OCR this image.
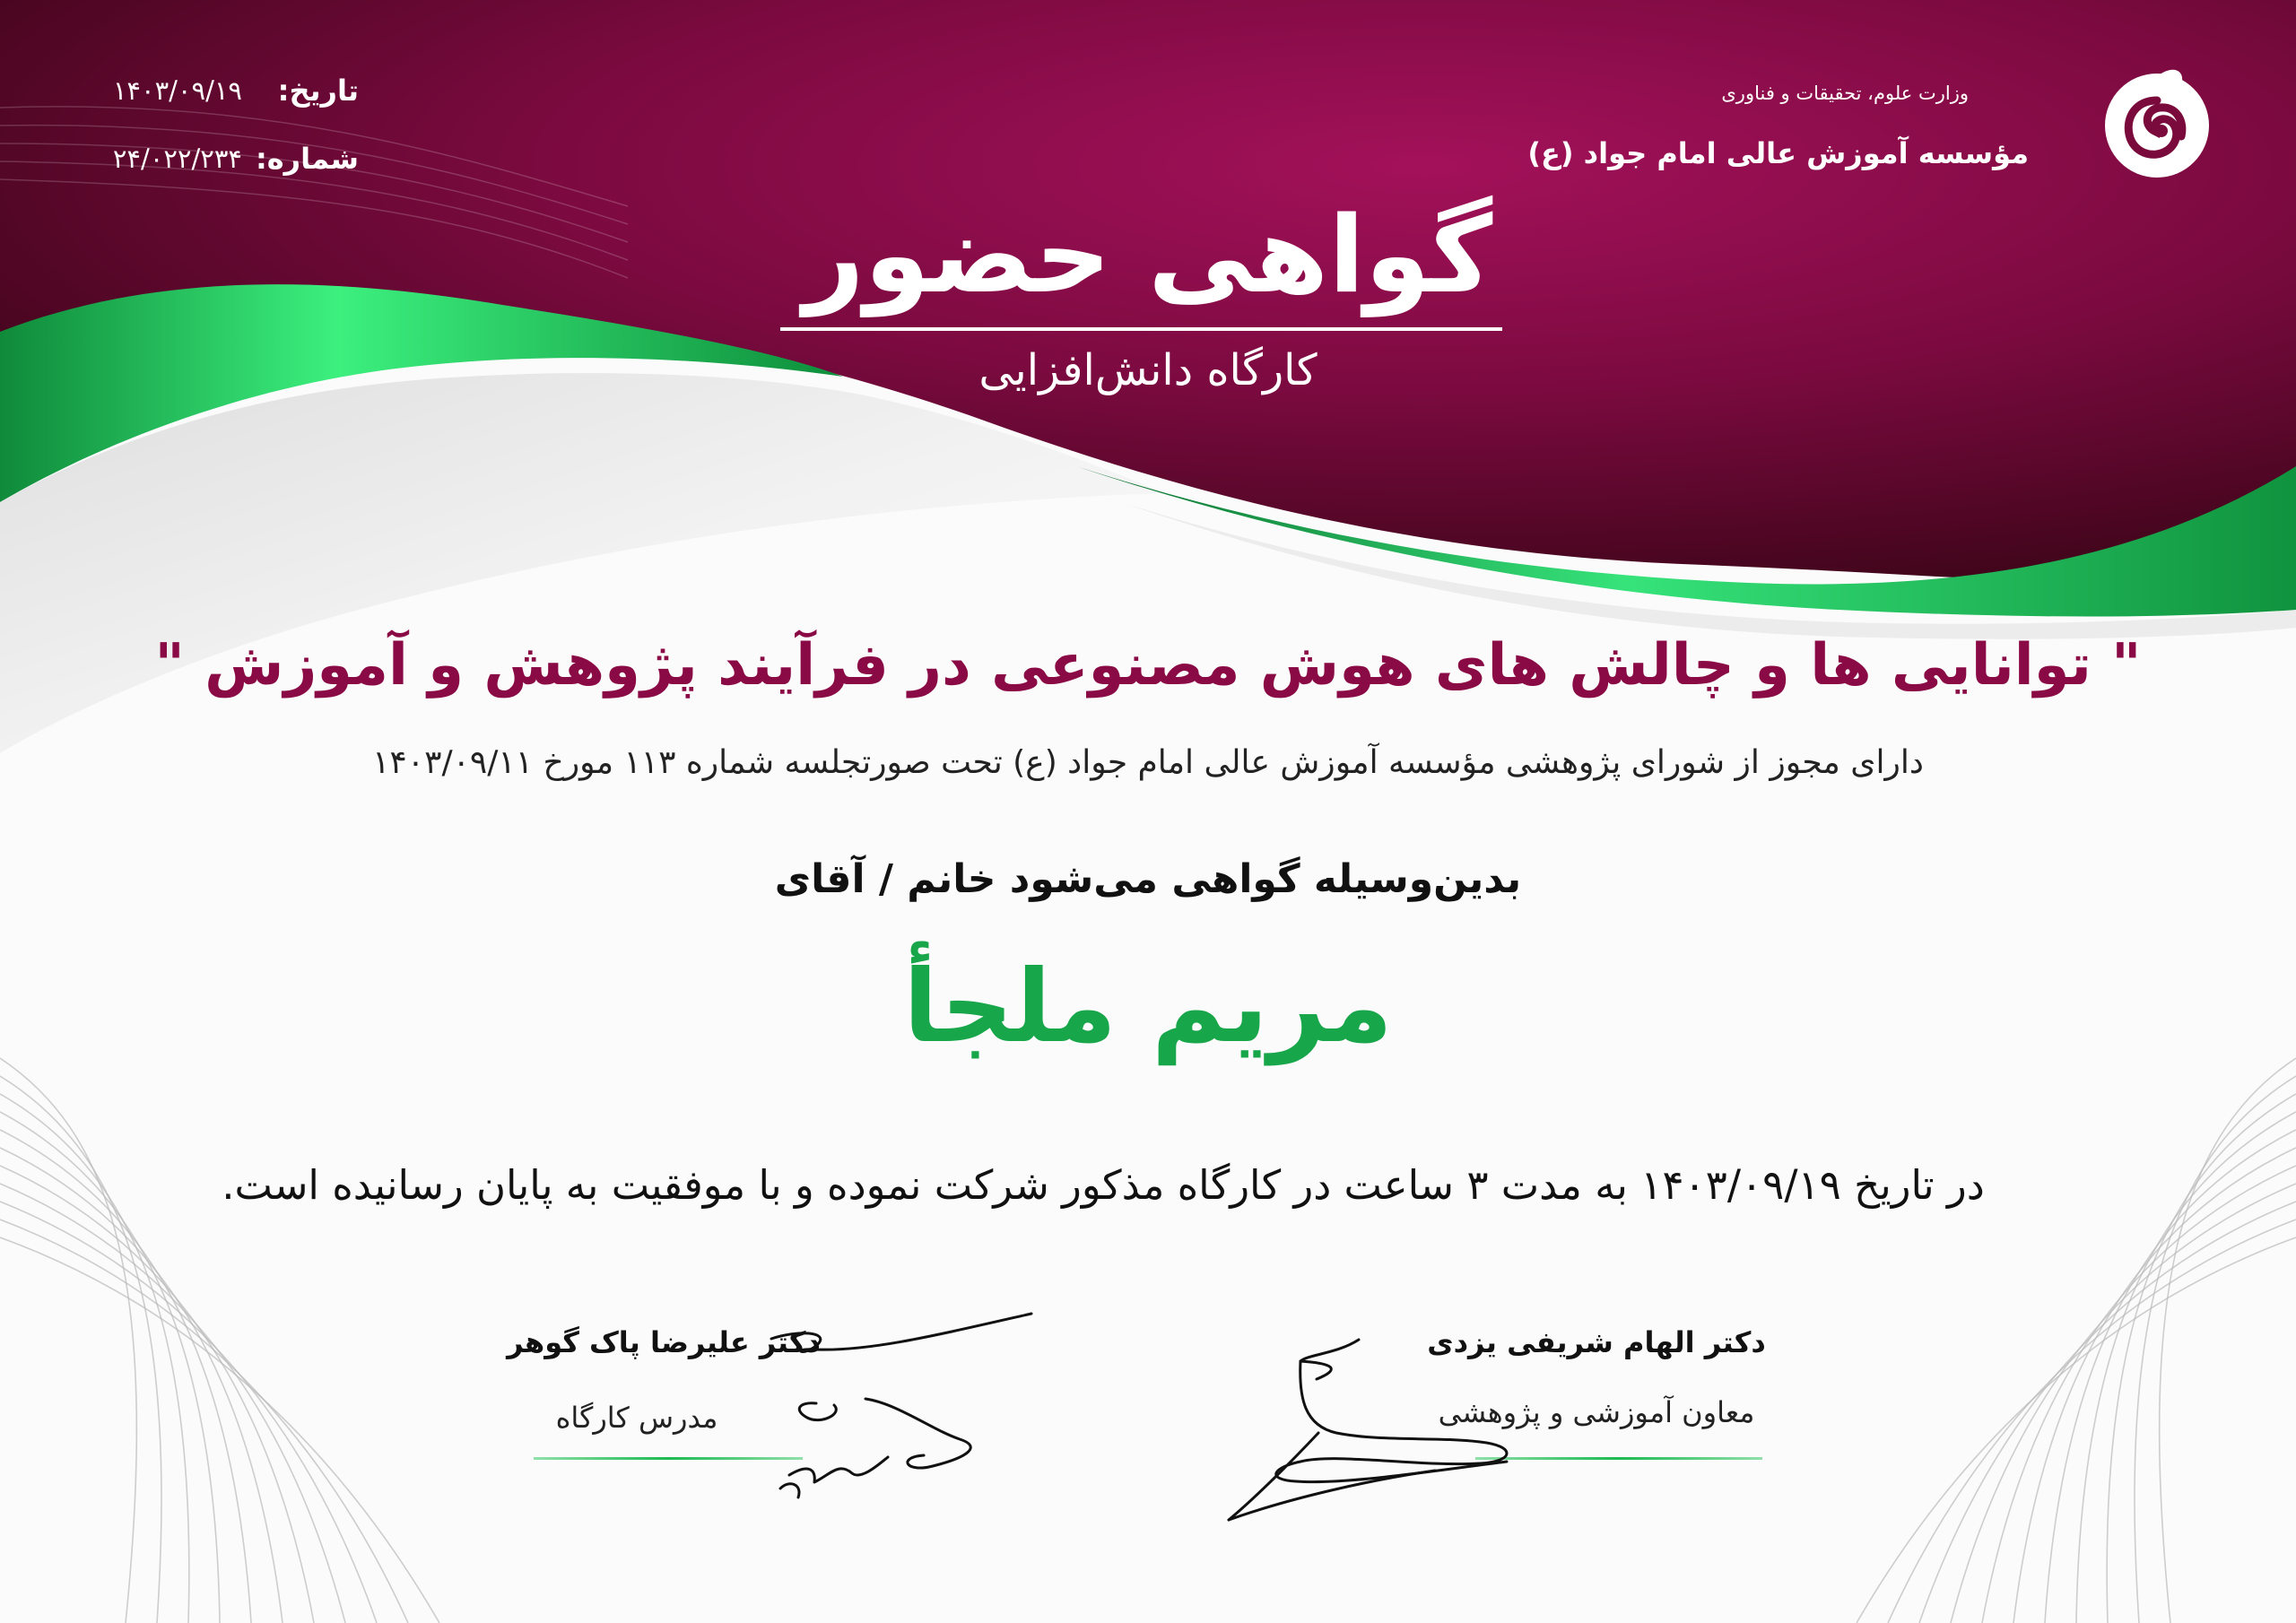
وزارت علوم، تحقیقات و فناوری
مؤسسه آموزش عالی امام جواد (ع)
تاریخ:
۱۴۰۳/۰۹/۱۹
شماره:
۲۴/۰۲۲/۲۳۴
گواهی حضور
کارگاه دانش‌افزایی
" توانایی ها و چالش های هوش مصنوعی در فرآیند پژوهش و آموزش "
دارای مجوز از شورای پژوهشی مؤسسه آموزش عالی امام جواد (ع) تحت صورتجلسه شماره ۱۱۳ مورخ ۱۴۰۳/۰۹/۱۱
بدین‌وسیله گواهی می‌شود خانم / آقای
مریم ملجأ
در تاریخ ۱۴۰۳/۰۹/۱۹ به مدت ۳ ساعت در کارگاه مذکور شرکت نموده و با موفقیت به پایان رسانیده است.
دکتر الهام شریفی یزدی
معاون آموزشی و پژوهشی
دکتر علیرضا پاک گوهر
مدرس کارگاه
